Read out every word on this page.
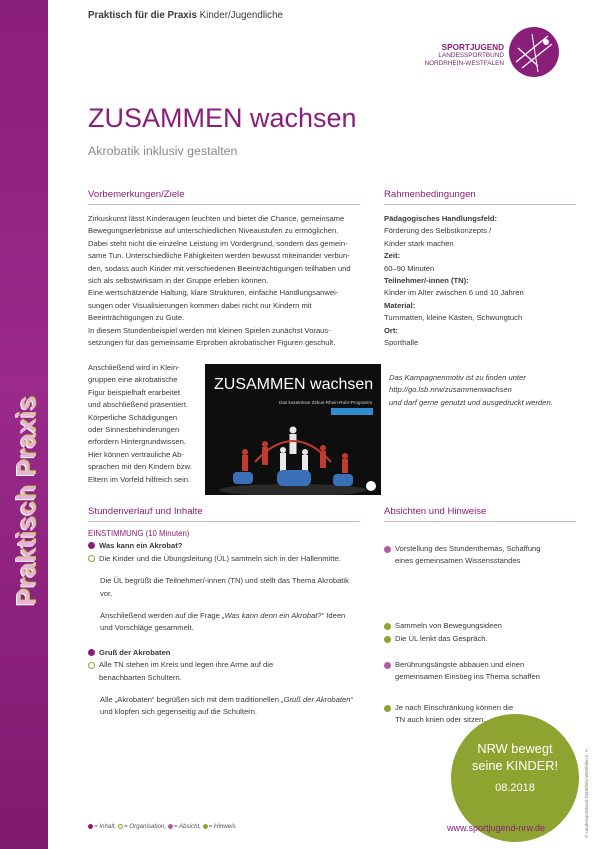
Praktisch Praxis
Praktisch für die Praxis Kinder/Jugendliche
SPORTJUGEND
LANDESSPORTBUND
NORDRHEIN-WESTFALEN
ZUSAMMEN wachsen
Akrobatik inklusiv gestalten
Vorbemerkungen/Ziele
Zirkuskunst lässt Kinderaugen leuchten und bietet die Chance, gemeinsame
Bewegungserlebnisse auf unterschiedlichen Niveaustufen zu ermöglichen.
Dabei steht nicht die einzelne Leistung im Vordergrund, sondern das gemein-
same Tun. Unterschiedliche Fähigkeiten werden bewusst miteinander verbun-
den, sodass auch Kinder mit verschiedenen Beeinträchtigungen teilhaben und
sich als selbstwirksam in der Gruppe erleben können.
Eine wertschätzende Haltung, klare Strukturen, einfache Handlungsanwei-
sungen oder Visualisierungen kommen dabei nicht nur Kindern mit
Beeinträchtigungen zu Gute.
In diesem Stundenbeispiel werden mit kleinen Spielen zunächst Voraus-
setzungen für das gemeinsame Erproben akrobatischer Figuren geschult.
Anschließend wird in Klein-
gruppen eine akrobatische
Figur beispielhaft erarbeitet
und abschließend präsentiert.
Körperliche Schädigungen
oder Sinnesbehinderungen
erfordern Hintergrundwissen.
Hier können vertrauliche Ab-
sprachen mit den Kindern bzw.
Eltern im Vorfeld hilfreich sein.
ZUSAMMEN wachsen
Das kostenlose Zirkus-Rhein-Ruhr-Programm
Rahmenbedingungen
Pädagogisches Handlungsfeld:
Förderung des Selbstkonzepts /
Kinder stark machen
Zeit:
60–90 Minuten
Teilnehmer/-innen (TN):
Kinder im Alter zwischen 6 und 10 Jahren
Material:
Turnmatten, kleine Kästen, Schwungtuch
Ort:
Sporthalle
Das Kampagnenmotiv ist zu finden unter
http://go.lsb.nrw/zusammenwachsen
und darf gerne genutzt und ausgedruckt werden.
Stundenverlauf und Inhalte
EINSTIMMUNG (10 Minuten)
Was kann ein Akrobat?
Die Kinder und die Übungsleitung (ÜL) sammeln sich in der Hallenmitte.
Die ÜL begrüßt die Teilnehmer/-innen (TN) und stellt das Thema Akrobatik vor.
Anschließend werden auf die Frage „Was kann denn ein Akrobat?“ Ideen und Vorschläge gesammelt.
Gruß der Akrobaten
Alle TN stehen im Kreis und legen ihre Arme auf die benachbarten Schultern.
Alle „Akrobaten“ begrüßen sich mit dem traditionellen „Gruß der Akrobaten“ und klopfen sich gegenseitig auf die Schultern.
Absichten und Hinweise
Vorstellung des Stundenthemas, Schaffung eines gemeinsamen Wissensstandes
Sammeln von Bewegungsideen
Die ÜL lenkt das Gespräch.
Berührungsängste abbauen und einen gemeinsamen Einstieg ins Thema schaffen
Je nach Einschränkung können die TN auch knien oder sitzen.
NRW bewegt
seine KINDER!
08.2018
= Inhalt, = Organisation, = Absicht, = Hinweis	www.sportjugend-nrw.de	© Landessportbund Nordrhein-Westfalen e. V.
